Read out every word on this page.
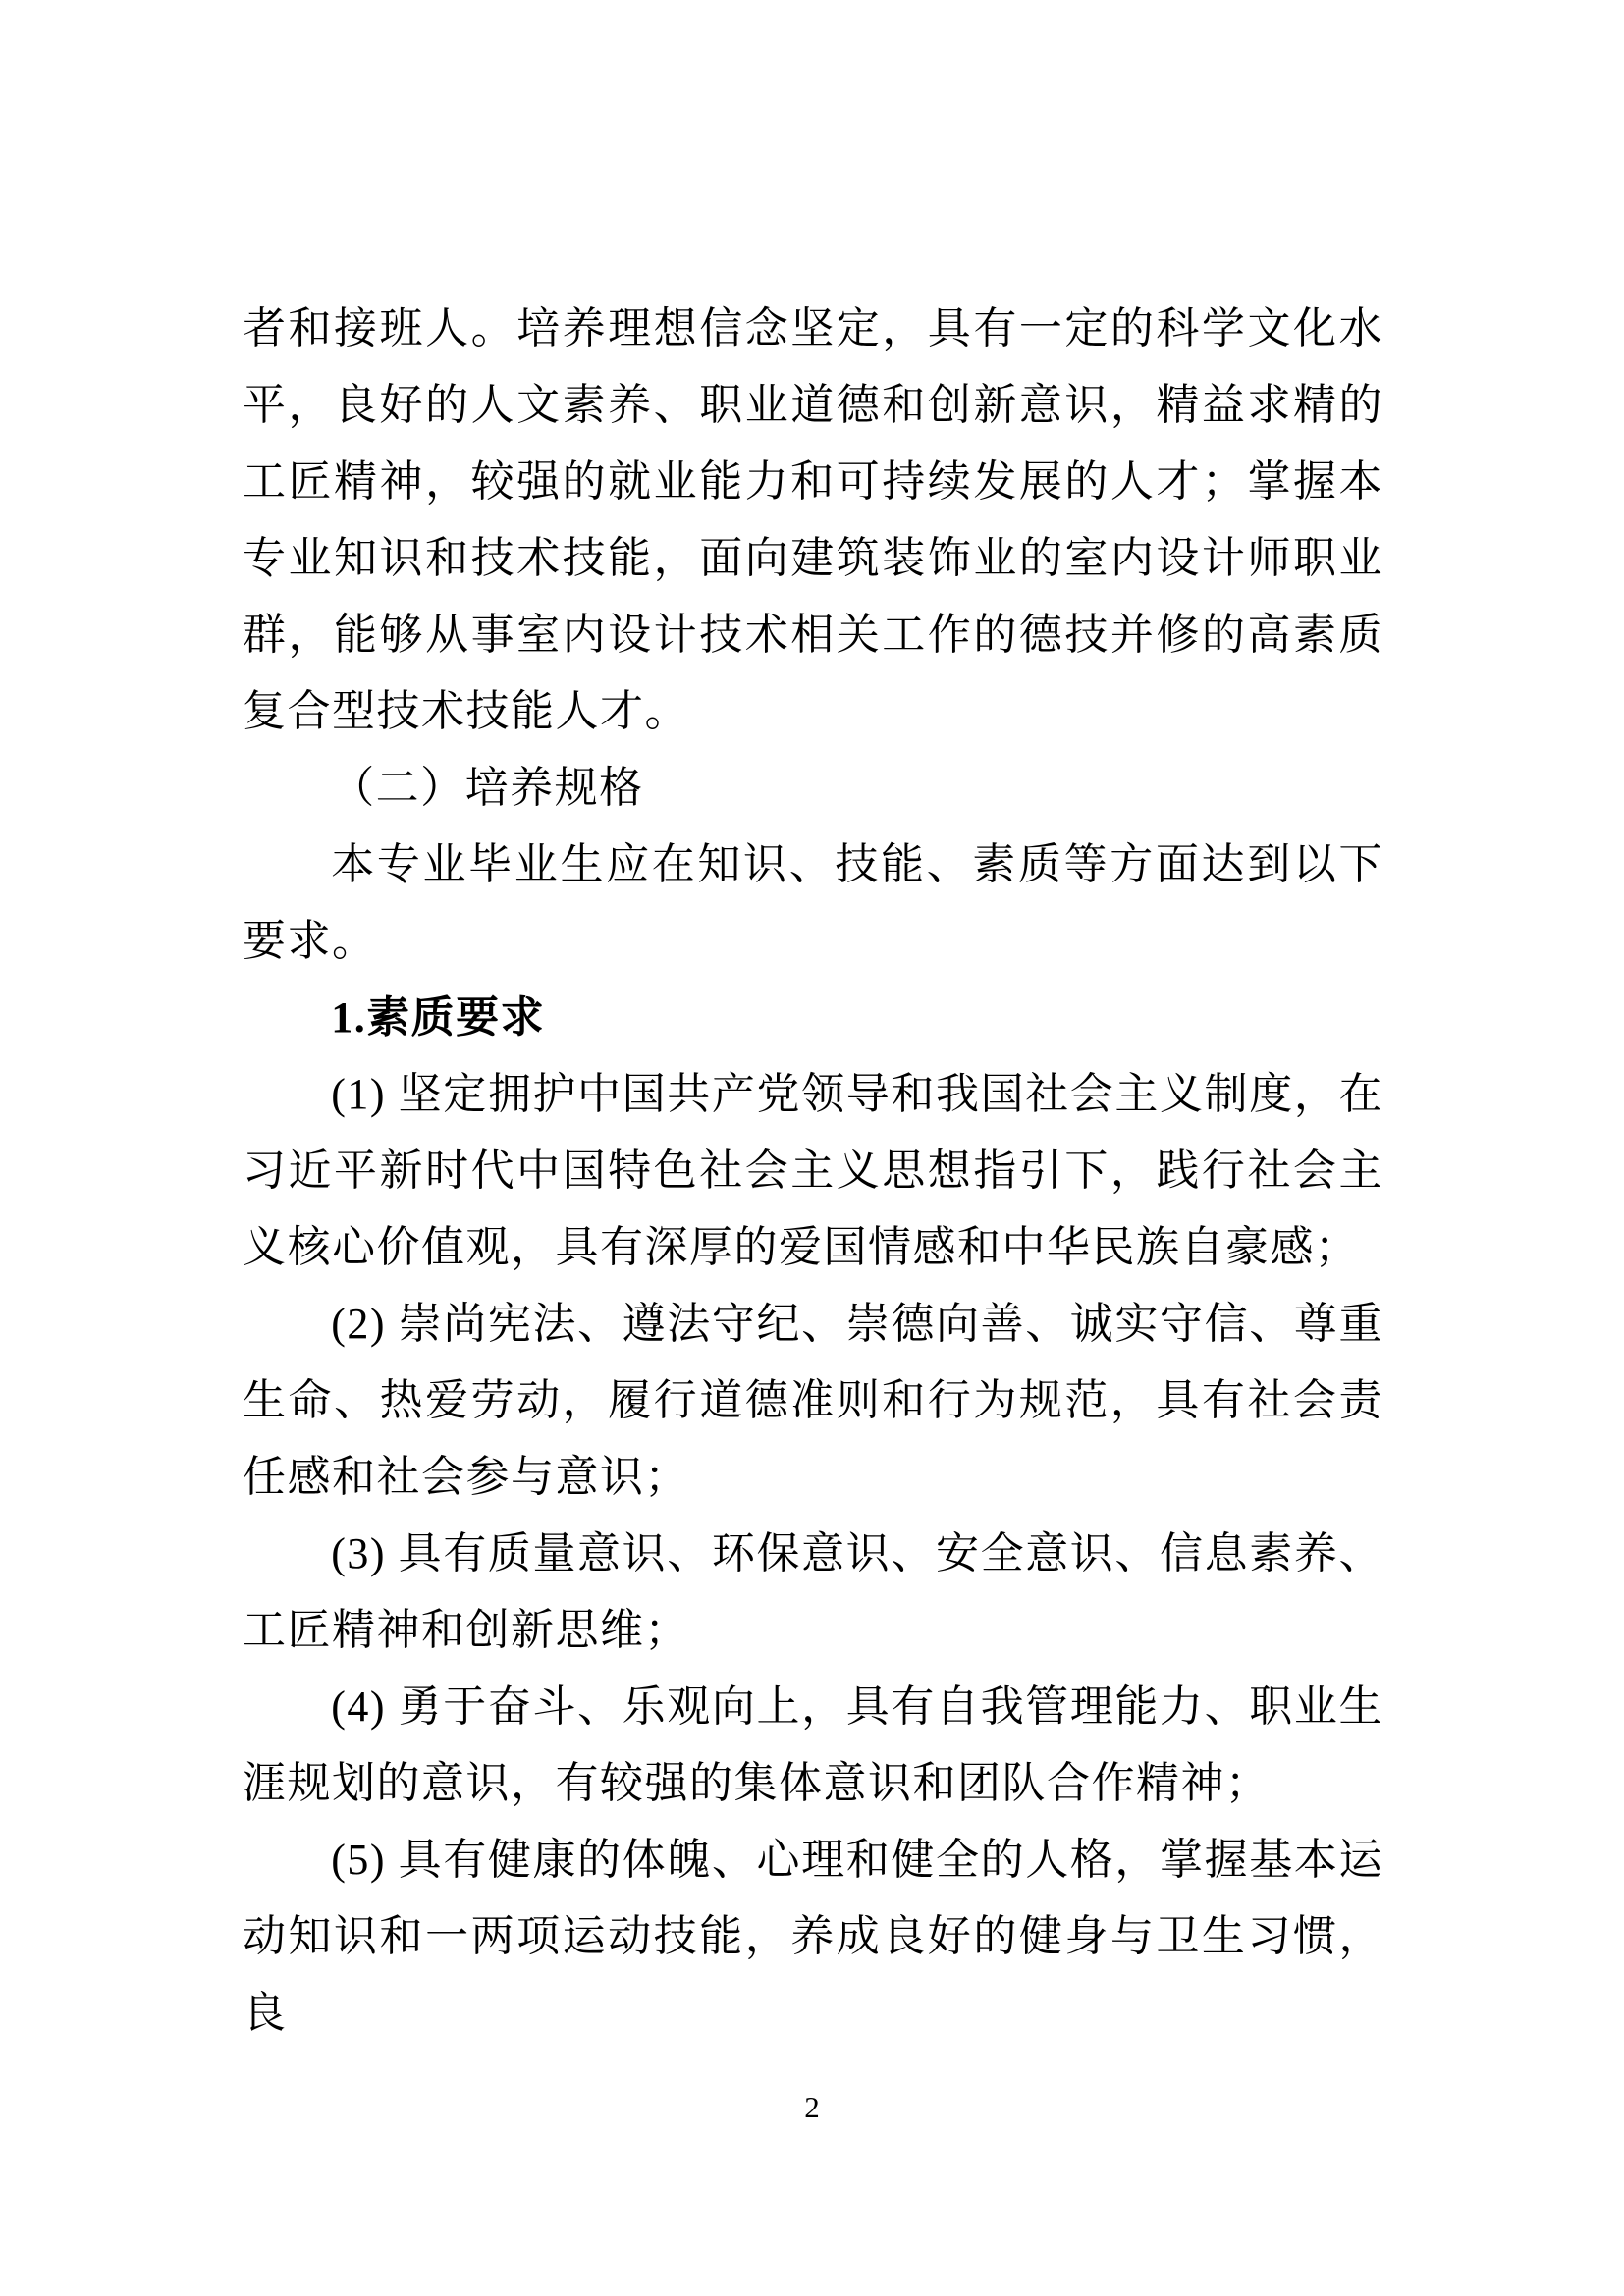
者和接班人。培养理想信念坚定，具有一定的科学文化水平，良好的人文素养、职业道德和创新意识，精益求精的工匠精神，较强的就业能力和可持续发展的人才；掌握本专业知识和技术技能，面向建筑装饰业的室内设计师职业群，能够从事室内设计技术相关工作的德技并修的高素质复合型技术技能人才。

（二）培养规格

本专业毕业生应在知识、技能、素质等方面达到以下要求。

1.素质要求

(1) 坚定拥护中国共产党领导和我国社会主义制度，在习近平新时代中国特色社会主义思想指引下，践行社会主义核心价值观，具有深厚的爱国情感和中华民族自豪感；

(2) 崇尚宪法、遵法守纪、崇德向善、诚实守信、尊重生命、热爱劳动，履行道德准则和行为规范，具有社会责任感和社会参与意识；

(3) 具有质量意识、环保意识、安全意识、信息素养、工匠精神和创新思维；

(4) 勇于奋斗、乐观向上，具有自我管理能力、职业生涯规划的意识，有较强的集体意识和团队合作精神；

(5) 具有健康的体魄、心理和健全的人格，掌握基本运动知识和一两项运动技能，养成良好的健身与卫生习惯，良

2
